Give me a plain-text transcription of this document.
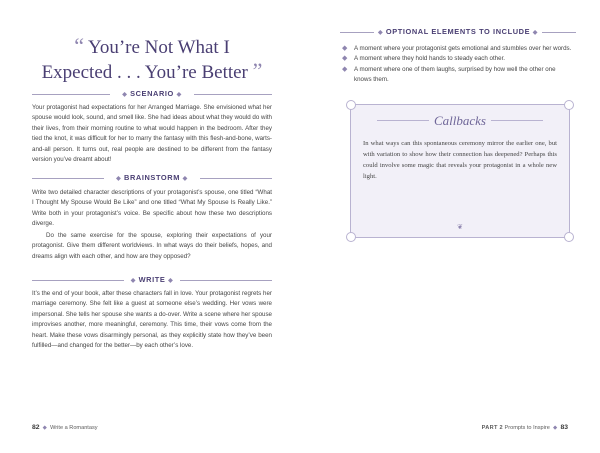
“ You’re Not What I
Expected . . . You’re Better ”
◆ SCENARIO ◆
Your protagonist had expectations for her Arranged Marriage. She envisioned what her spouse would look, sound, and smell like. She had ideas about what they would do with their lives, from their morning routine to what would happen in the bedroom. After they tied the knot, it was difficult for her to marry the fantasy with this flesh-and-bone, warts-and-all person. It turns out, real people are destined to be different from the fantasy version you’ve dreamt about!
◆ BRAINSTORM ◆
Write two detailed character descriptions of your protagonist’s spouse, one titled “What I Thought My Spouse Would Be Like” and one titled “What My Spouse Is Really Like.” Write both in your protagonist’s voice. Be specific about how these two descriptions diverge.
Do the same exercise for the spouse, exploring their expectations of your protagonist. Give them different worldviews. In what ways do their beliefs, hopes, and dreams align with each other, and how are they opposed?
◆ WRITE ◆
It’s the end of your book, after these characters fall in love. Your protagonist regrets her marriage ceremony. She felt like a guest at someone else’s wedding. Her vows were impersonal. She tells her spouse she wants a do-over. Write a scene where her spouse improvises another, more meaningful, ceremony. This time, their vows come from the heart. Make these vows disarmingly personal, as they explicitly state how they’ve been fulfilled—and changed for the better—by each other’s love.
82  ◆  Write a Romantasy
◆ OPTIONAL ELEMENTS TO INCLUDE ◆
◆ A moment where your protagonist gets emotional and stumbles over her words.
◆ A moment where they hold hands to steady each other.
◆ A moment where one of them laughs, surprised by how well the other one knows them.
Callbacks
In what ways can this spontaneous ceremony mirror the earlier one, but with variation to show how their connection has deepened? Perhaps this could involve some magic that reveals your protagonist in a whole new light.
❦
PART 2 Prompts to Inspire  ◆  83
